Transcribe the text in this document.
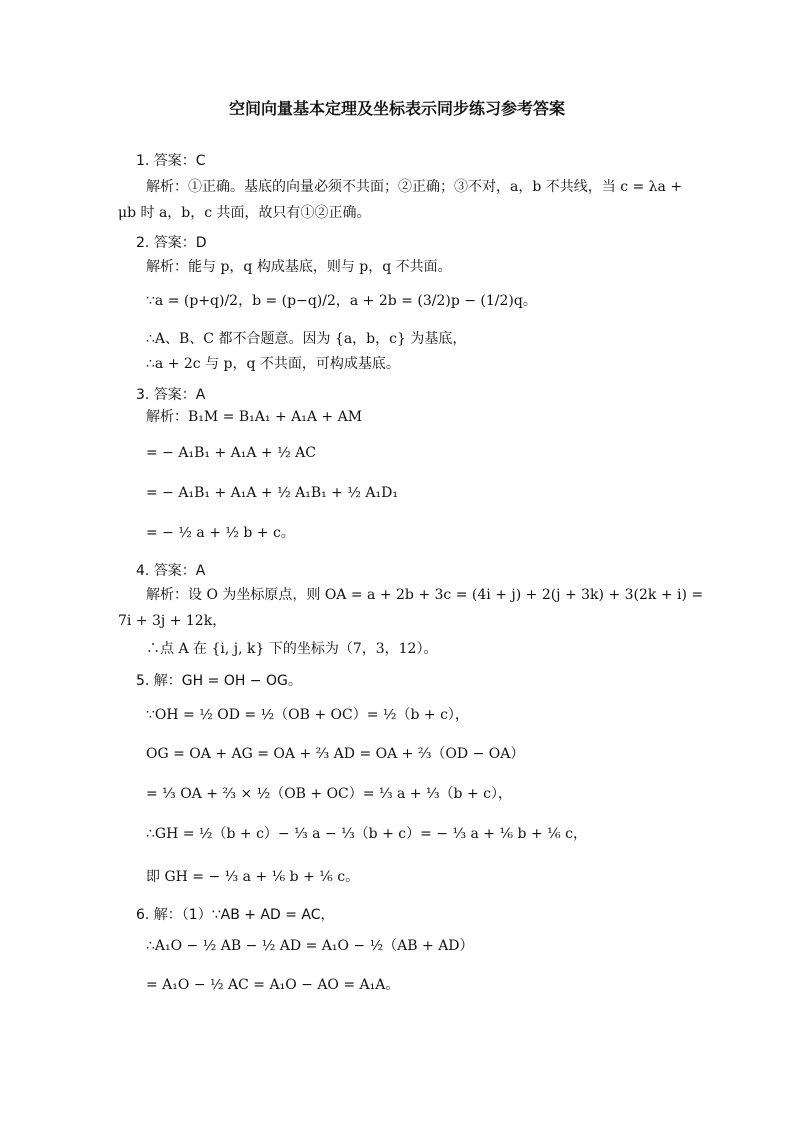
空间向量基本定理及坐标表示同步练习参考答案
1. 答案：C
解析：①正确。基底的向量必须不共面；②正确；③不对，a，b 不共线，当 c = λa +
μb 时 a，b，c 共面，故只有①②正确。
2. 答案：D
解析：能与 p，q 构成基底，则与 p，q 不共面。
∵a = (p+q)/2，b = (p−q)/2，a + 2b = (3/2)p − (1/2)q。
∴A、B、C 都不合题意。因为 {a，b，c} 为基底，
∴a + 2c 与 p，q 不共面，可构成基底。
3. 答案：A
解析：B₁M = B₁A₁ + A₁A + AM
= − A₁B₁ + A₁A + ½ AC
= − A₁B₁ + A₁A + ½ A₁B₁ + ½ A₁D₁
= − ½ a + ½ b + c。
4. 答案：A
解析：设 O 为坐标原点，则 OA = a + 2b + 3c = (4i + j) + 2(j + 3k) + 3(2k + i) =
7i + 3j + 12k，
∴点 A 在 {i, j, k} 下的坐标为（7，3，12）。
5. 解：GH = OH − OG。
∵OH = ½ OD = ½（OB + OC）= ½（b + c），
OG = OA + AG = OA + ⅔ AD = OA + ⅔（OD − OA）
= ⅓ OA + ⅔ × ½（OB + OC）= ⅓ a + ⅓（b + c），
∴GH = ½（b + c）− ⅓ a − ⅓（b + c）= − ⅓ a + ⅙ b + ⅙ c，
即 GH = − ⅓ a + ⅙ b + ⅙ c。
6. 解：（1）∵AB + AD = AC，
∴A₁O − ½ AB − ½ AD = A₁O − ½（AB + AD）
= A₁O − ½ AC = A₁O − AO = A₁A。
